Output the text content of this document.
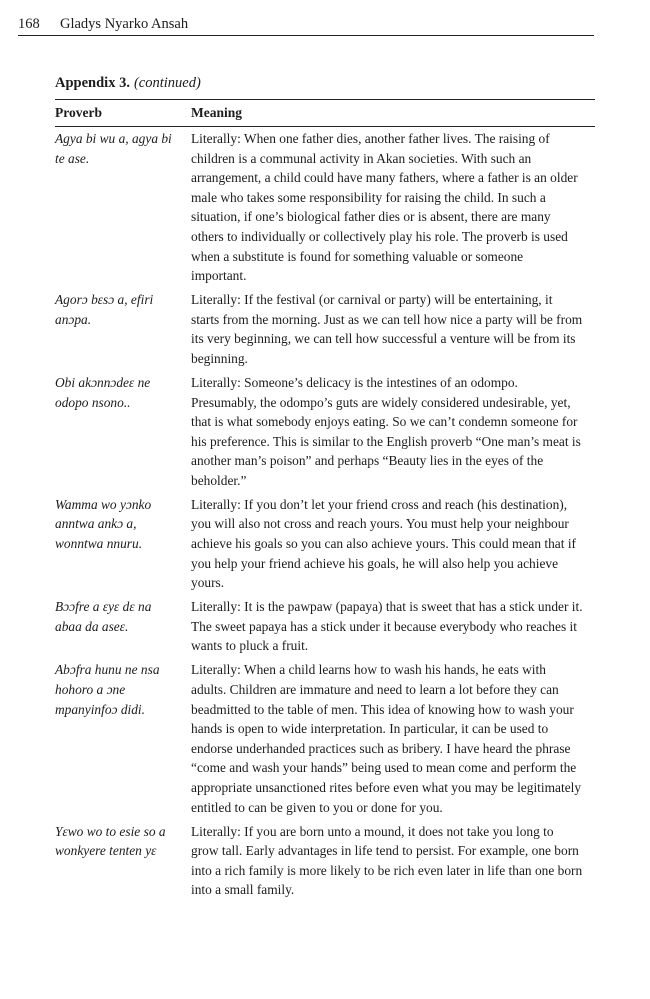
168 Gladys Nyarko Ansah
Appendix 3. (continued)
Proverb	Meaning
Agya bi wu a, agya bi
te ase.
Literally: When one father dies, another father lives. The raising of
children is a communal activity in Akan societies. With such an
arrangement, a child could have many fathers, where a father is an older
male who takes some responsibility for raising the child. In such a
situation, if one’s biological father dies or is absent, there are many
others to individually or collectively play his role. The proverb is used
when a substitute is found for something valuable or someone
important.
Agorɔ bɛsɔ a, efiri
anɔpa.
Literally: If the festival (or carnival or party) will be entertaining, it
starts from the morning. Just as we can tell how nice a party will be from
its very beginning, we can tell how successful a venture will be from its
beginning.
Obi akɔnnɔdeɛ ne
odopo nsono..
Literally: Someone’s delicacy is the intestines of an odompo.
Presumably, the odompo’s guts are widely considered undesirable, yet,
that is what somebody enjoys eating. So we can’t condemn someone for
his preference. This is similar to the English proverb “One man’s meat is
another man’s poison” and perhaps “Beauty lies in the eyes of the
beholder.”
Wamma wo yɔnko
anntwa ankɔ a,
wonntwa nnuru.
Literally: If you don’t let your friend cross and reach (his destination),
you will also not cross and reach yours. You must help your neighbour
achieve his goals so you can also achieve yours. This could mean that if
you help your friend achieve his goals, he will also help you achieve
yours.
Bɔɔfre a ɛyɛ dɛ na
abaa da aseɛ.
Literally: It is the pawpaw (papaya) that is sweet that has a stick under it.
The sweet papaya has a stick under it because everybody who reaches it
wants to pluck a fruit.
Abɔfra hunu ne nsa
hohoro a ɔne
mpanyinfoɔ didi.
Literally: When a child learns how to wash his hands, he eats with
adults. Children are immature and need to learn a lot before they can
beadmitted to the table of men. This idea of knowing how to wash your
hands is open to wide interpretation. In particular, it can be used to
endorse underhanded practices such as bribery. I have heard the phrase
“come and wash your hands” being used to mean come and perform the
appropriate unsanctioned rites before even what you may be legitimately
entitled to can be given to you or done for you.
Yɛwo wo to esie so a
wonkyere tenten yɛ
Literally: If you are born unto a mound, it does not take you long to
grow tall. Early advantages in life tend to persist. For example, one born
into a rich family is more likely to be rich even later in life than one born
into a small family.
